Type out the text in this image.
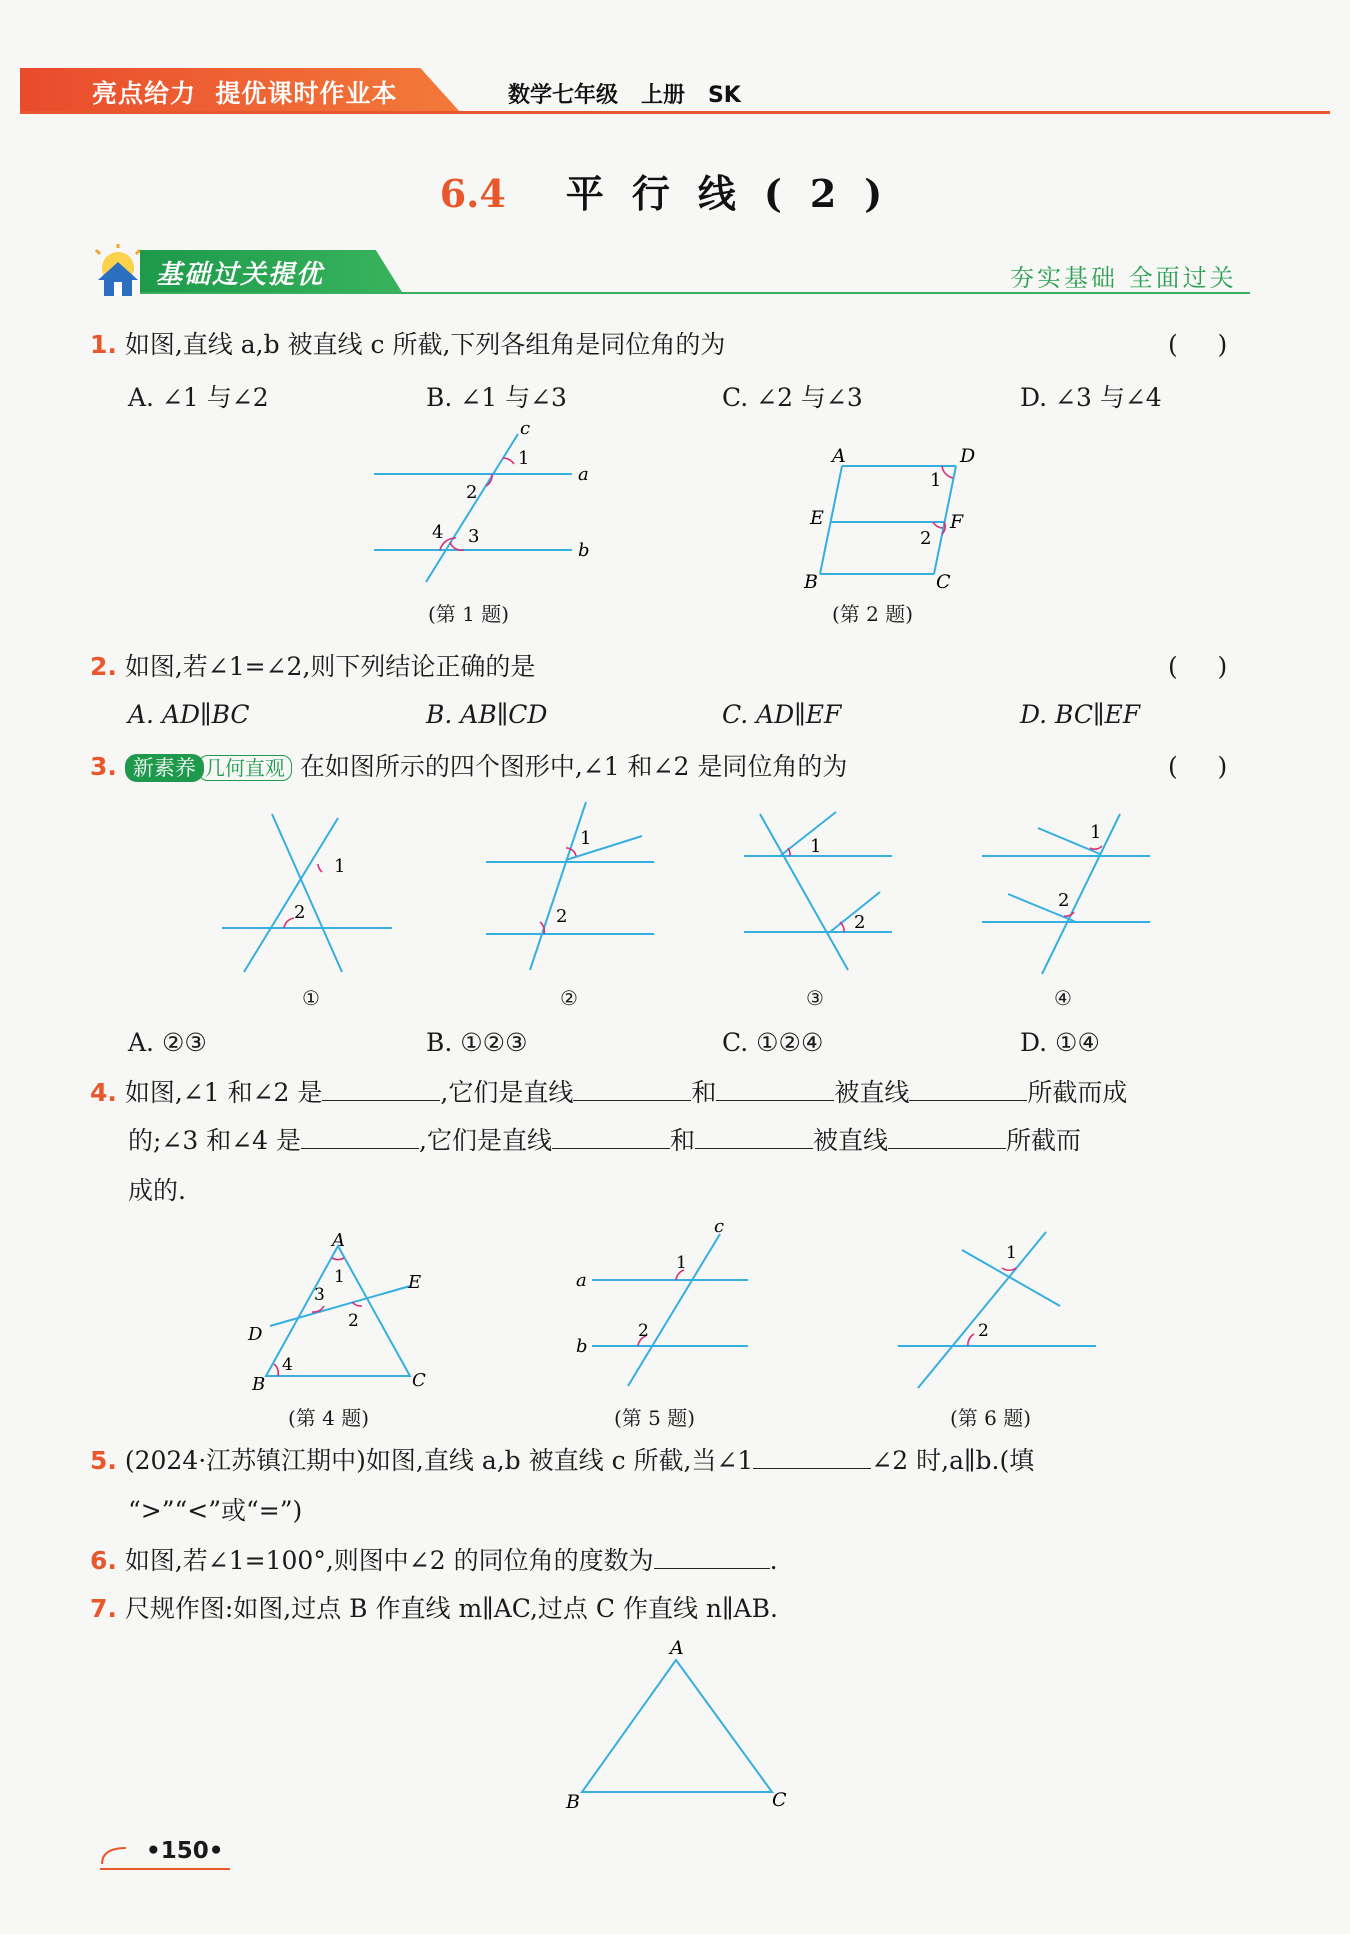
亮点给力  提优课时作业本	数学七年级   上册   SK
6.4 平行线(2)
基础过关提优	夯实基础 全面过关
1. 如图,直线 a,b 被直线 c 所截,下列各组角是同位角的为	(     )
A. ∠1 与∠2	B. ∠1 与∠3	C. ∠2 与∠3	D. ∠3 与∠4
c
a
b
1
2
3
4
(第 1 题)
A	D
E	F
B	C
1
2
(第 2 题)
2. 如图,若∠1=∠2,则下列结论正确的是	(     )
A. AD∥BC	B. AB∥CD	C. AD∥EF	D. BC∥EF
3. 新素养 几何直观 在如图所示的四个图形中,∠1 和∠2 是同位角的为	(     )
1
2
①
1
2
②
1
2
③
1
2
④
A. ②③	B. ①②③	C. ①②④	D. ①④
4. 如图,∠1 和∠2 是	,它们是直线	和	被直线	所截而成
的;∠3 和∠4 是	,它们是直线	和	被直线	所截而
成的.
A
E
D
B	C
1
2
3
4
(第 4 题)
c
a
b
1
2
(第 5 题)
1
2
(第 6 题)
5. (2024·江苏镇江期中)如图,直线 a,b 被直线 c 所截,当∠1	∠2 时,a∥b.(填
“>”“<”或“=”)
6. 如图,若∠1=100°,则图中∠2 的同位角的度数为	.
7. 尺规作图:如图,过点 B 作直线 m∥AC,过点 C 作直线 n∥AB.
A
B	C
•150•
